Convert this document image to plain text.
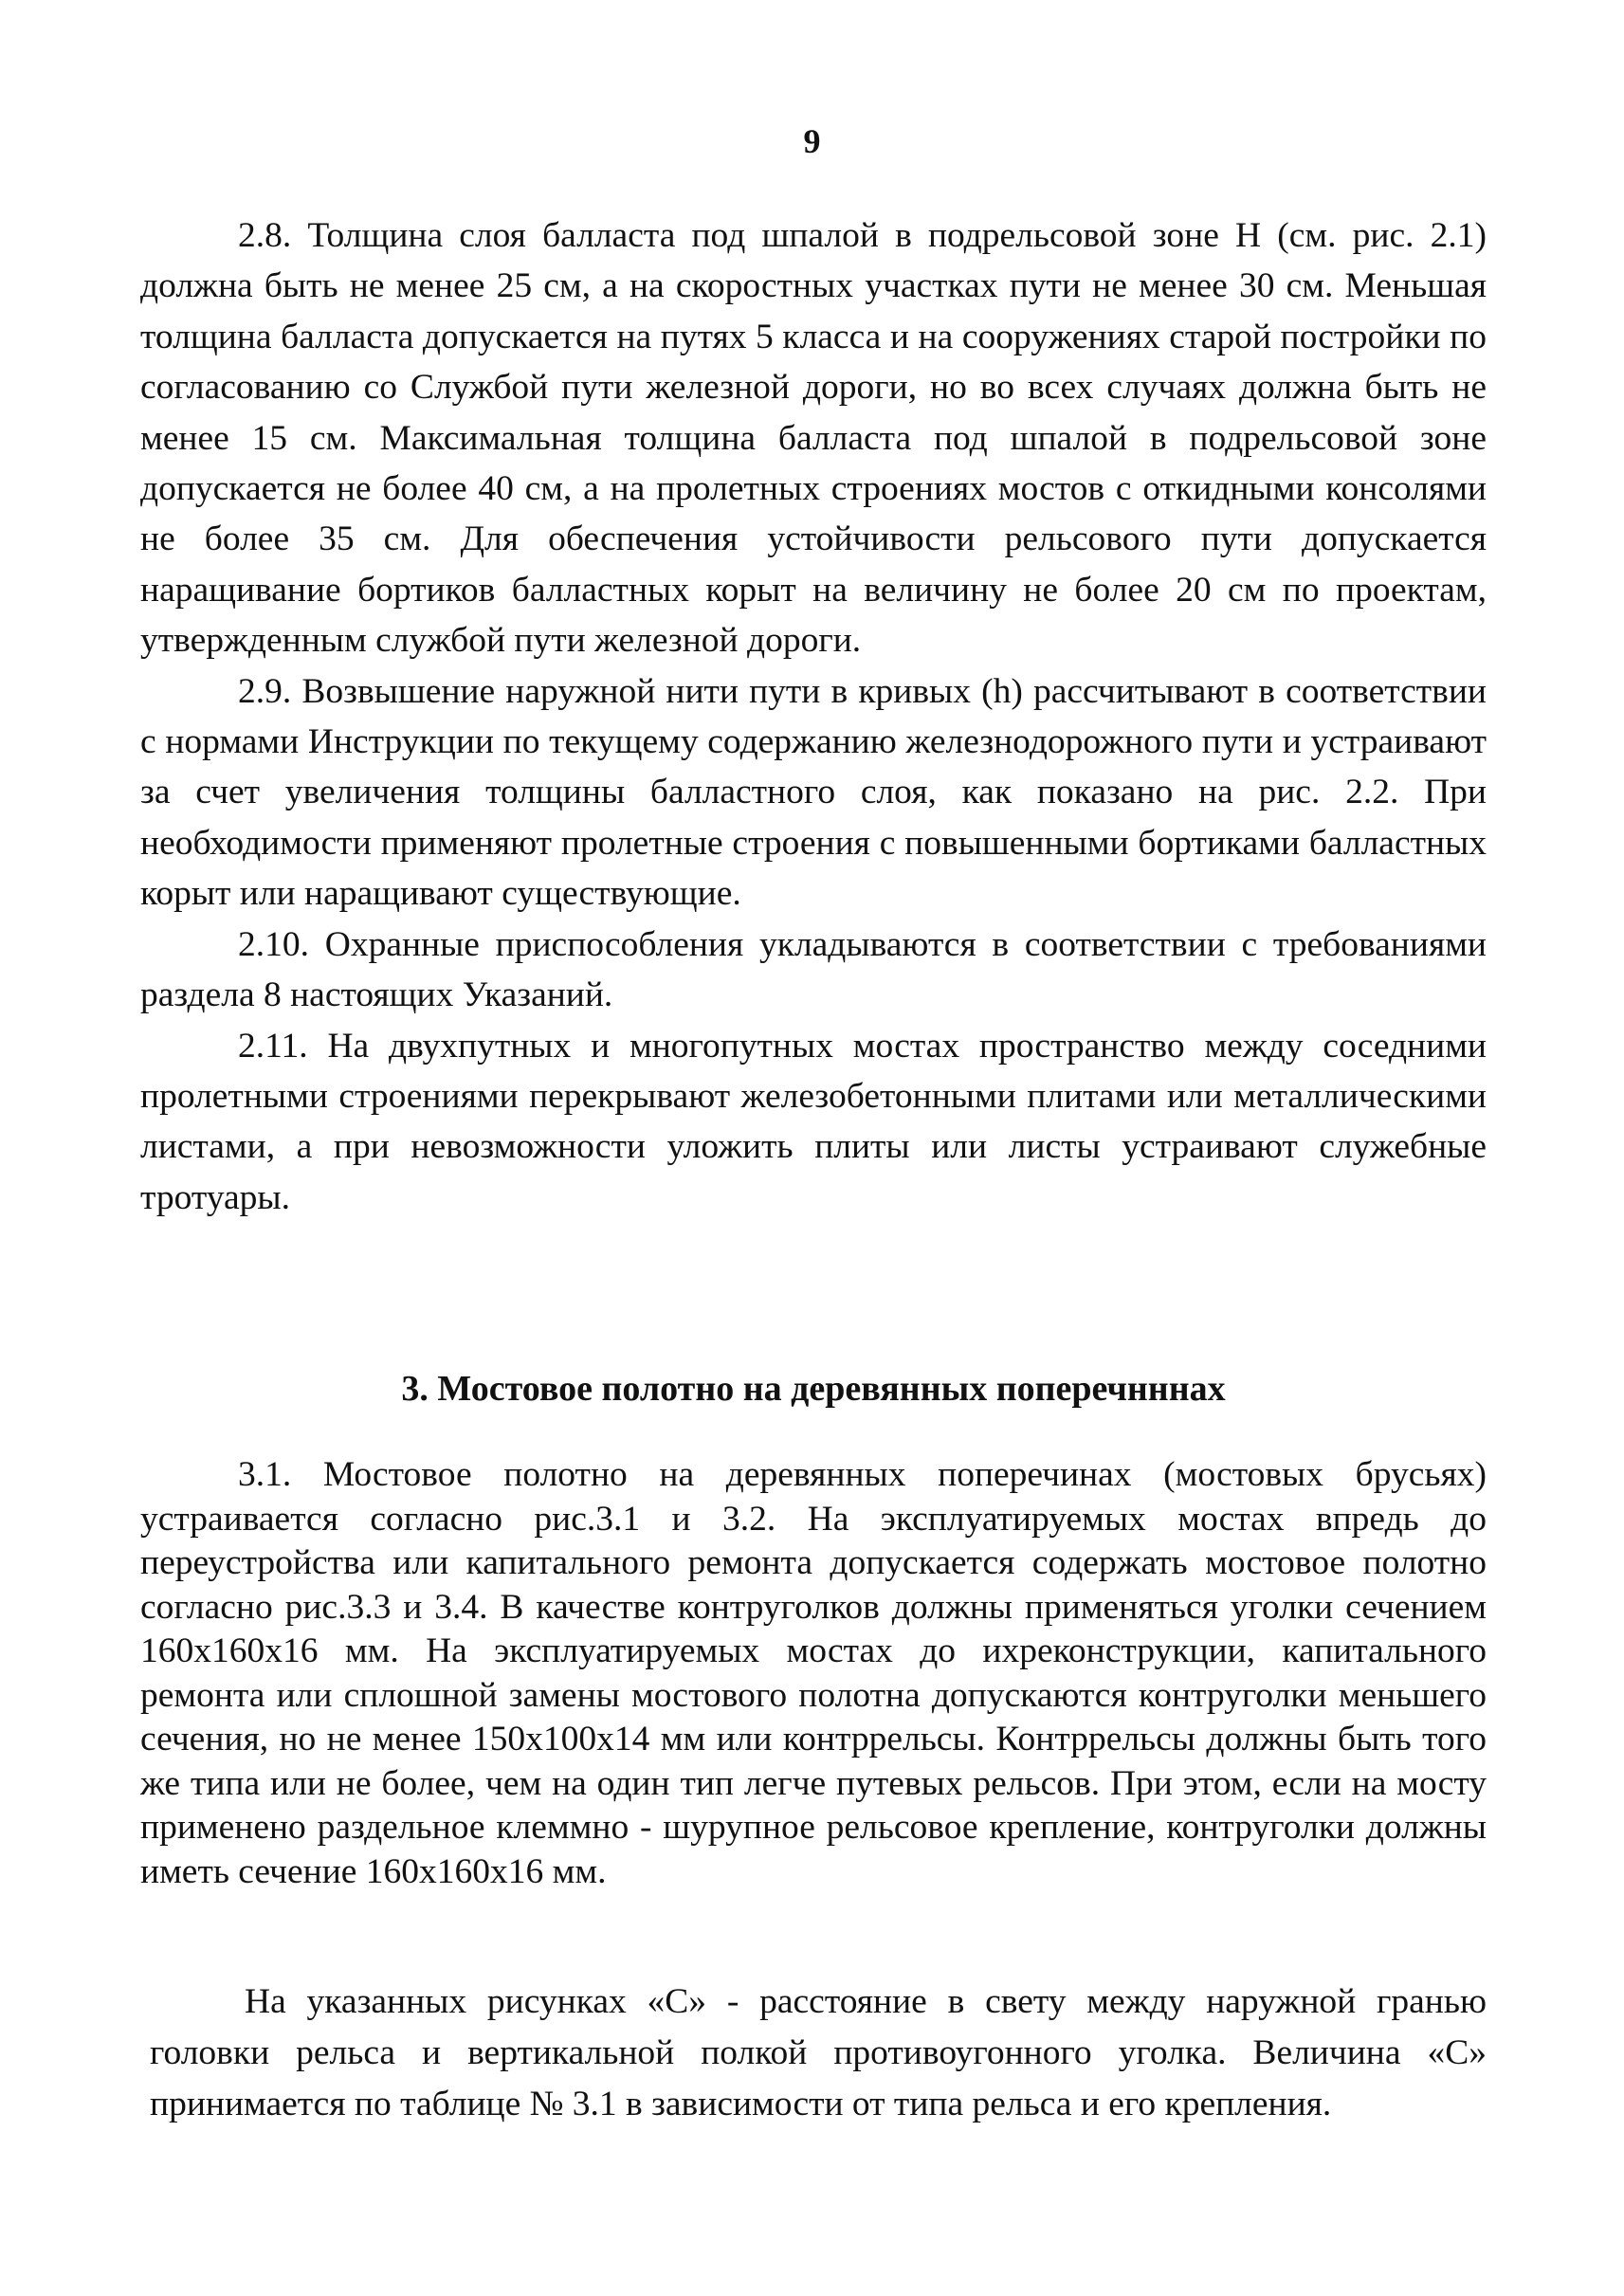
9

2.8. Толщина слоя балласта под шпалой в подрельсовой зоне H (см. рис. 2.1) должна быть не менее 25 см, а на скоростных участках пути не менее 30 см. Меньшая толщина балласта допускается на путях 5 класса и на сооружениях старой постройки по согласованию со Службой пути железной дороги, но во всех случаях должна быть не менее 15 см. Максимальная толщина балласта под шпалой в подрельсовой зоне допускается не более 40 см, а на пролетных строениях мостов с откидными консолями не более 35 см. Для обеспечения устойчивости рельсового пути допускается наращивание бортиков балластных корыт на величину не более 20 см по проектам, утвержденным службой пути железной дороги.

2.9. Возвышение наружной нити пути в кривых (h) рассчитывают в соответствии с нормами Инструкции по текущему содержанию железнодорожного пути и устраивают за счет увеличения толщины балластного слоя, как показано на рис. 2.2. При необходимости применяют пролетные строения с повышенными бортиками балластных корыт или наращивают существующие.

2.10. Охранные приспособления укладываются в соответствии с требованиями раздела 8 настоящих Указаний.

2.11. На двухпутных и многопутных мостах пространство между соседними пролетными строениями перекрывают железобетонными плитами или металлическими листами, а при невозможности уложить плиты или листы устраивают служебные тротуары.

3. Мостовое полотно на деревянных поперечнннах

3.1. Мостовое полотно на деревянных поперечинах (мостовых брусьях) устраивается согласно рис.3.1 и 3.2. На эксплуатируемых мостах впредь до переустройства или капитального ремонта допускается содержать мостовое полотно согласно рис.3.3 и 3.4. В качестве контруголков должны применяться уголки сечением 160x160x16 мм. На эксплуатируемых мостах до ихреконструкции, капитального ремонта или сплошной замены мостового полотна допускаются контруголки меньшего сечения, но не менее 150x100x14 мм или контррельсы. Контррельсы должны быть того же типа или не более, чем на один тип легче путевых рельсов. При этом, если на мосту применено раздельное клеммно - шурупное рельсовое крепление, контруголки должны иметь сечение 160x160x16 мм.

На указанных рисунках «С» - расстояние в свету между наружной гранью головки рельса и вертикальной полкой противоугонного уголка. Величина «С» принимается по таблице № 3.1 в зависимости от типа рельса и его крепления.
